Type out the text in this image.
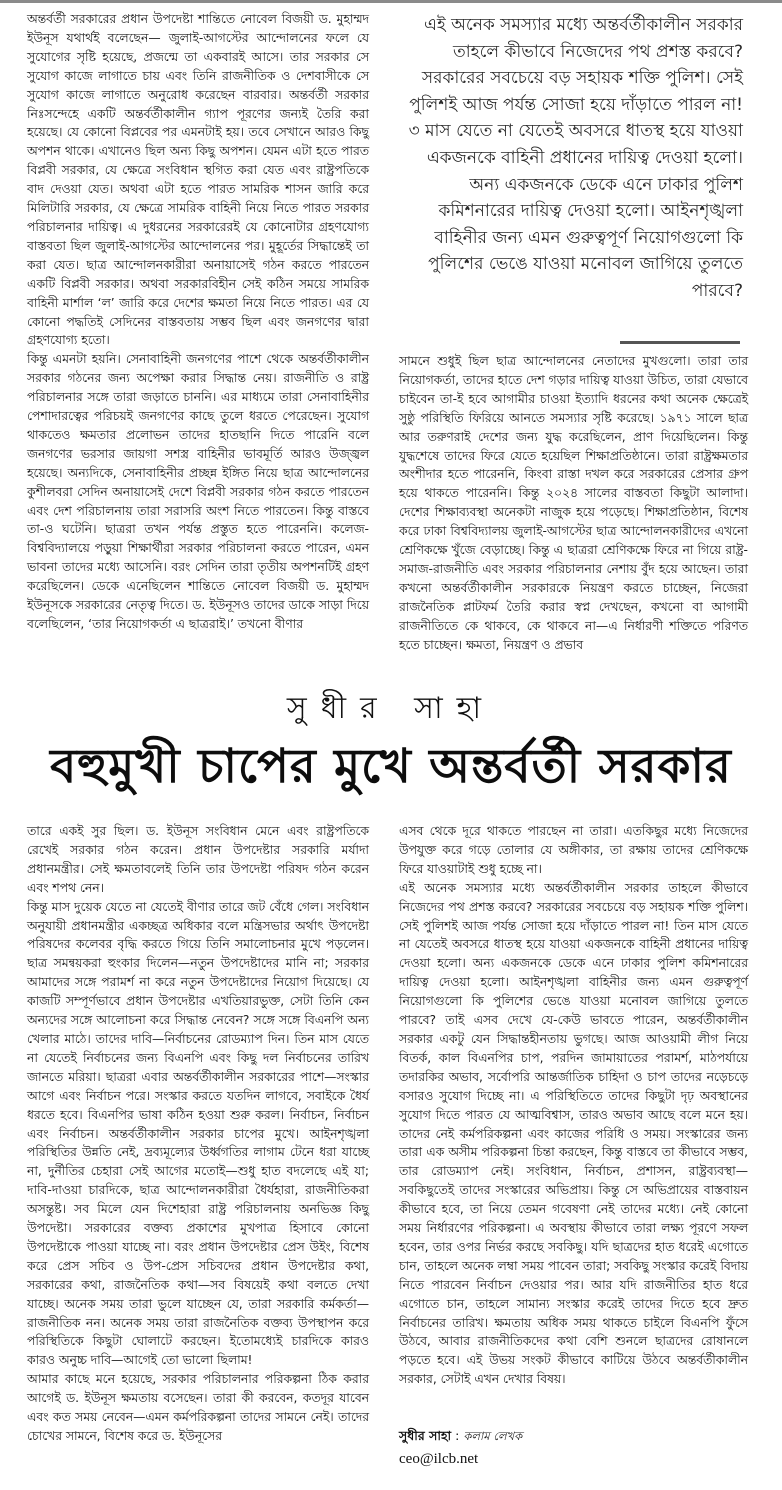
অন্তর্বর্তী সরকারের প্রধান উপদেষ্টা শান্তিতে নোবেল বিজয়ী ড. মুহাম্মদ ইউনূস যথার্থই বলেছেন— জুলাই-আগস্টের আন্দোলনের ফলে যে সুযোগের সৃষ্টি হয়েছে, প্রজন্মে তা একবারই আসে। তার সরকার সে সুযোগ কাজে লাগাতে চায় এবং তিনি রাজনীতিক ও দেশবাসীকে সে সুযোগ কাজে লাগাতে অনুরোধ করেছেন বারবার। অন্তর্বর্তী সরকার নিঃসন্দেহে একটি অন্তর্বর্তীকালীন গ্যাপ পূরণের জন্যই তৈরি করা হয়েছে। যে কোনো বিপ্লবের পর এমনটাই হয়। তবে সেখানে আরও কিছু অপশন থাকে। এখানেও ছিল অন্য কিছু অপশন। যেমন এটা হতে পারত বিপ্লবী সরকার, যে ক্ষেত্রে সংবিধান স্থগিত করা যেত এবং রাষ্ট্রপতিকে বাদ দেওয়া যেত। অথবা এটা হতে পারত সামরিক শাসন জারি করে মিলিটারি সরকার, যে ক্ষেত্রে সামরিক বাহিনী নিয়ে নিতে পারত সরকার পরিচালনার দায়িত্ব। এ দুধরনের সরকারেরই যে কোনোটার গ্রহণযোগ্য বাস্তবতা ছিল জুলাই-আগস্টের আন্দোলনের পর। মুহূর্তের সিদ্ধান্তেই তা করা যেত। ছাত্র আন্দোলনকারীরা অনায়াসেই গঠন করতে পারতেন একটি বিপ্লবী সরকার। অথবা সরকারবিহীন সেই কঠিন সময়ে সামরিক বাহিনী মার্শাল ‘ল’ জারি করে দেশের ক্ষমতা নিয়ে নিতে পারত। এর যে কোনো পদ্ধতিই সেদিনের বাস্তবতায় সম্ভব ছিল এবং জনগণের দ্বারা গ্রহণযোগ্য হতো।

কিন্তু এমনটা হয়নি। সেনাবাহিনী জনগণের পাশে থেকে অন্তর্বর্তীকালীন সরকার গঠনের জন্য অপেক্ষা করার সিদ্ধান্ত নেয়। রাজনীতি ও রাষ্ট্র পরিচালনার সঙ্গে তারা জড়াতে চাননি। এর মাধ্যমে তারা সেনাবাহিনীর পেশাদারত্বের পরিচয়ই জনগণের কাছে তুলে ধরতে পেরেছেন। সুযোগ থাকতেও ক্ষমতার প্রলোভন তাদের হাতছানি দিতে পারেনি বলে জনগণের ভরসার জায়গা সশস্ত্র বাহিনীর ভাবমূর্তি আরও উজ্জ্বল হয়েছে। অন্যদিকে, সেনাবাহিনীর প্রচ্ছন্ন ইঙ্গিত নিয়ে ছাত্র আন্দোলনের কুশীলবরা সেদিন অনায়াসেই দেশে বিপ্লবী সরকার গঠন করতে পারতেন এবং দেশ পরিচালনায় তারা সরাসরি অংশ নিতে পারতেন। কিন্তু বাস্তবে তা-ও ঘটেনি। ছাত্ররা তখন পর্যন্ত প্রস্তুত হতে পারেননি। কলেজ-বিশ্ববিদ্যালয়ে পড়ুয়া শিক্ষার্থীরা সরকার পরিচালনা করতে পারেন, এমন ভাবনা তাদের মধ্যে আসেনি। বরং সেদিন তারা তৃতীয় অপশনটিই গ্রহণ করেছিলেন। ডেকে এনেছিলেন শান্তিতে নোবেল বিজয়ী ড. মুহাম্মদ ইউনূসকে সরকারের নেতৃত্ব দিতে। ড. ইউনূসও তাদের ডাকে সাড়া দিয়ে বলেছিলেন, ‘তার নিয়োগকর্তা এ ছাত্ররাই।’ তখনো বীণার

এই অনেক সমস্যার মধ্যে অন্তর্বর্তীকালীন সরকার তাহলে কীভাবে নিজেদের পথ প্রশস্ত করবে? সরকারের সবচেয়ে বড় সহায়ক শক্তি পুলিশ। সেই পুলিশই আজ পর্যন্ত সোজা হয়ে দাঁড়াতে পারল না! ৩ মাস যেতে না যেতেই অবসরে ধাতস্থ হয়ে যাওয়া একজনকে বাহিনী প্রধানের দায়িত্ব দেওয়া হলো। অন্য একজনকে ডেকে এনে ঢাকার পুলিশ কমিশনারের দায়িত্ব দেওয়া হলো। আইনশৃঙ্খলা বাহিনীর জন্য এমন গুরুত্বপূর্ণ নিয়োগগুলো কি পুলিশের ভেঙে যাওয়া মনোবল জাগিয়ে তুলতে পারবে?

সামনে শুধুই ছিল ছাত্র আন্দোলনের নেতাদের মুখগুলো। তারা তার নিয়োগকর্তা, তাদের হাতে দেশ গড়ার দায়িত্ব যাওয়া উচিত, তারা যেভাবে চাইবেন তা-ই হবে আগামীর চাওয়া ইত্যাদি ধরনের কথা অনেক ক্ষেত্রেই সুষ্ঠু পরিস্থিতি ফিরিয়ে আনতে সমস্যার সৃষ্টি করেছে। ১৯৭১ সালে ছাত্র আর তরুণরাই দেশের জন্য যুদ্ধ করেছিলেন, প্রাণ দিয়েছিলেন। কিন্তু যুদ্ধশেষে তাদের ফিরে যেতে হয়েছিল শিক্ষাপ্রতিষ্ঠানে। তারা রাষ্ট্রক্ষমতার অংশীদার হতে পারেননি, কিংবা রাস্তা দখল করে সরকারের প্রেসার গ্রুপ হয়ে থাকতে পারেননি। কিন্তু ২০২৪ সালের বাস্তবতা কিছুটা আলাদা। দেশের শিক্ষাব্যবস্থা অনেকটা নাজুক হয়ে পড়েছে। শিক্ষাপ্রতিষ্ঠান, বিশেষ করে ঢাকা বিশ্ববিদ্যালয় জুলাই-আগস্টের ছাত্র আন্দোলনকারীদের এখনো শ্রেণিকক্ষে খুঁজে বেড়াচ্ছে। কিন্তু এ ছাত্ররা শ্রেণিকক্ষে ফিরে না গিয়ে রাষ্ট্র-সমাজ-রাজনীতি এবং সরকার পরিচালনার নেশায় বুঁদ হয়ে আছেন। তারা কখনো অন্তর্বর্তীকালীন সরকারকে নিয়ন্ত্রণ করতে চাচ্ছেন, নিজেরা রাজনৈতিক প্লাটফর্ম তৈরি করার স্বপ্ন দেখছেন, কখনো বা আগামী রাজনীতিতে কে থাকবে, কে থাকবে না—এ নির্ধারণী শক্তিতে পরিণত হতে চাচ্ছেন। ক্ষমতা, নিয়ন্ত্রণ ও প্রভাব

সুধীর সাহা
বহুমুখী চাপের মুখে অন্তর্বর্তী সরকার

তারে একই সুর ছিল। ড. ইউনূস সংবিধান মেনে এবং রাষ্ট্রপতিকে রেখেই সরকার গঠন করেন। প্রধান উপদেষ্টার সরকারি মর্যাদা প্রধানমন্ত্রীর। সেই ক্ষমতাবলেই তিনি তার উপদেষ্টা পরিষদ গঠন করেন এবং শপথ নেন।

কিন্তু মাস দুয়েক যেতে না যেতেই বীণার তারে জট বেঁধে গেল। সংবিধান অনুযায়ী প্রধানমন্ত্রীর একচ্ছত্র অধিকার বলে মন্ত্রিসভার অর্থাৎ উপদেষ্টা পরিষদের কলেবর বৃদ্ধি করতে গিয়ে তিনি সমালোচনার মুখে পড়লেন। ছাত্র সমন্বয়করা হুংকার দিলেন—নতুন উপদেষ্টাদের মানি না; সরকার আমাদের সঙ্গে পরামর্শ না করে নতুন উপদেষ্টাদের নিয়োগ দিয়েছে। যে কাজটি সম্পূর্ণভাবে প্রধান উপদেষ্টার এখতিয়ারভুক্ত, সেটা তিনি কেন অন্যদের সঙ্গে আলোচনা করে সিদ্ধান্ত নেবেন? সঙ্গে সঙ্গে বিএনপি অন্য খেলার মাঠে। তাদের দাবি—নির্বাচনের রোডম্যাপ দিন। তিন মাস যেতে না যেতেই নির্বাচনের জন্য বিএনপি এবং কিছু দল নির্বাচনের তারিখ জানতে মরিয়া। ছাত্ররা এবার অন্তর্বর্তীকালীন সরকারের পাশে—সংস্কার আগে এবং নির্বাচন পরে। সংস্কার করতে যতদিন লাগবে, সবাইকে ধৈর্য ধরতে হবে। বিএনপির ভাষা কঠিন হওয়া শুরু করল। নির্বাচন, নির্বাচন এবং নির্বাচন। অন্তর্বর্তীকালীন সরকার চাপের মুখে। আইনশৃঙ্খলা পরিস্থিতির উন্নতি নেই, দ্রব্যমূল্যের উর্ধ্বগতির লাগাম টেনে ধরা যাচ্ছে না, দুর্নীতির চেহারা সেই আগের মতোই—শুধু হাত বদলেছে এই যা; দাবি-দাওয়া চারদিকে, ছাত্র আন্দোলনকারীরা ধৈর্যহারা, রাজনীতিকরা অসন্তুষ্ট। সব মিলে যেন দিশেহারা রাষ্ট্র পরিচালনায় অনভিজ্ঞ কিছু উপদেষ্টা। সরকারের বক্তব্য প্রকাশের মুখপাত্র হিসাবে কোনো উপদেষ্টাকে পাওয়া যাচ্ছে না। বরং প্রধান উপদেষ্টার প্রেস উইং, বিশেষ করে প্রেস সচিব ও উপ-প্রেস সচিবদের প্রধান উপদেষ্টার কথা, সরকারের কথা, রাজনৈতিক কথা—সব বিষয়েই কথা বলতে দেখা যাচ্ছে। অনেক সময় তারা ভুলে যাচ্ছেন যে, তারা সরকারি কর্মকর্তা—রাজনীতিক নন। অনেক সময় তারা রাজনৈতিক বক্তব্য উপস্থাপন করে পরিস্থিতিকে কিছুটা ঘোলাটে করছেন। ইতোমধ্যেই চারদিকে কারও কারও অনুচ্চ দাবি—আগেই তো ভালো ছিলাম!

আমার কাছে মনে হয়েছে, সরকার পরিচালনার পরিকল্পনা ঠিক করার আগেই ড. ইউনূস ক্ষমতায় বসেছেন। তারা কী করবেন, কতদূর যাবেন এবং কত সময় নেবেন—এমন কর্মপরিকল্পনা তাদের সামনে নেই। তাদের চোখের সামনে, বিশেষ করে ড. ইউনূসের

এসব থেকে দূরে থাকতে পারছেন না তারা। এতকিছুর মধ্যে নিজেদের উপযুক্ত করে গড়ে তোলার যে অঙ্গীকার, তা রক্ষায় তাদের শ্রেণিকক্ষে ফিরে যাওয়াটাই শুধু হচ্ছে না।

এই অনেক সমস্যার মধ্যে অন্তর্বর্তীকালীন সরকার তাহলে কীভাবে নিজেদের পথ প্রশস্ত করবে? সরকারের সবচেয়ে বড় সহায়ক শক্তি পুলিশ। সেই পুলিশই আজ পর্যন্ত সোজা হয়ে দাঁড়াতে পারল না! তিন মাস যেতে না যেতেই অবসরে ধাতস্থ হয়ে যাওয়া একজনকে বাহিনী প্রধানের দায়িত্ব দেওয়া হলো। অন্য একজনকে ডেকে এনে ঢাকার পুলিশ কমিশনারের দায়িত্ব দেওয়া হলো। আইনশৃঙ্খলা বাহিনীর জন্য এমন গুরুত্বপূর্ণ নিয়োগগুলো কি পুলিশের ভেঙে যাওয়া মনোবল জাগিয়ে তুলতে পারবে? তাই এসব দেখে যে-কেউ ভাবতে পারেন, অন্তর্বর্তীকালীন সরকার একটু যেন সিদ্ধান্তহীনতায় ভুগছে। আজ আওয়ামী লীগ নিয়ে বিতর্ক, কাল বিএনপির চাপ, পরদিন জামায়াতের পরামর্শ, মাঠপর্যায়ে তদারকির অভাব, সর্বোপরি আন্তর্জাতিক চাহিদা ও চাপ তাদের নড়েচড়ে বসারও সুযোগ দিচ্ছে না। এ পরিস্থিতিতে তাদের কিছুটা দৃঢ় অবস্থানের সুযোগ দিতে পারত যে আত্মবিশ্বাস, তারও অভাব আছে বলে মনে হয়। তাদের নেই কর্মপরিকল্পনা এবং কাজের পরিধি ও সময়। সংস্কারের জন্য তারা এক অসীম পরিকল্পনা চিন্তা করছেন, কিন্তু বাস্তবে তা কীভাবে সম্ভব, তার রোডম্যাপ নেই। সংবিধান, নির্বাচন, প্রশাসন, রাষ্ট্রব্যবস্থা—সবকিছুতেই তাদের সংস্কারের অভিপ্রায়। কিন্তু সে অভিপ্রায়ের বাস্তবায়ন কীভাবে হবে, তা নিয়ে তেমন গবেষণা নেই তাদের মধ্যে। নেই কোনো সময় নির্ধারণের পরিকল্পনা। এ অবস্থায় কীভাবে তারা লক্ষ্য পূরণে সফল হবেন, তার ওপর নির্ভর করছে সবকিছু। যদি ছাত্রদের হাত ধরেই এগোতে চান, তাহলে অনেক লম্বা সময় পাবেন তারা; সবকিছু সংস্কার করেই বিদায় নিতে পারবেন নির্বাচন দেওয়ার পর। আর যদি রাজনীতির হাত ধরে এগোতে চান, তাহলে সামান্য সংস্কার করেই তাদের দিতে হবে দ্রুত নির্বাচনের তারিখ। ক্ষমতায় অধিক সময় থাকতে চাইলে বিএনপি ফুঁসে উঠবে, আবার রাজনীতিকদের কথা বেশি শুনলে ছাত্রদের রোষানলে পড়তে হবে। এই উভয় সংকট কীভাবে কাটিয়ে উঠবে অন্তর্বর্তীকালীন সরকার, সেটাই এখন দেখার বিষয়।

সুধীর সাহা : কলাম লেখক
ceo@ilcb.net
